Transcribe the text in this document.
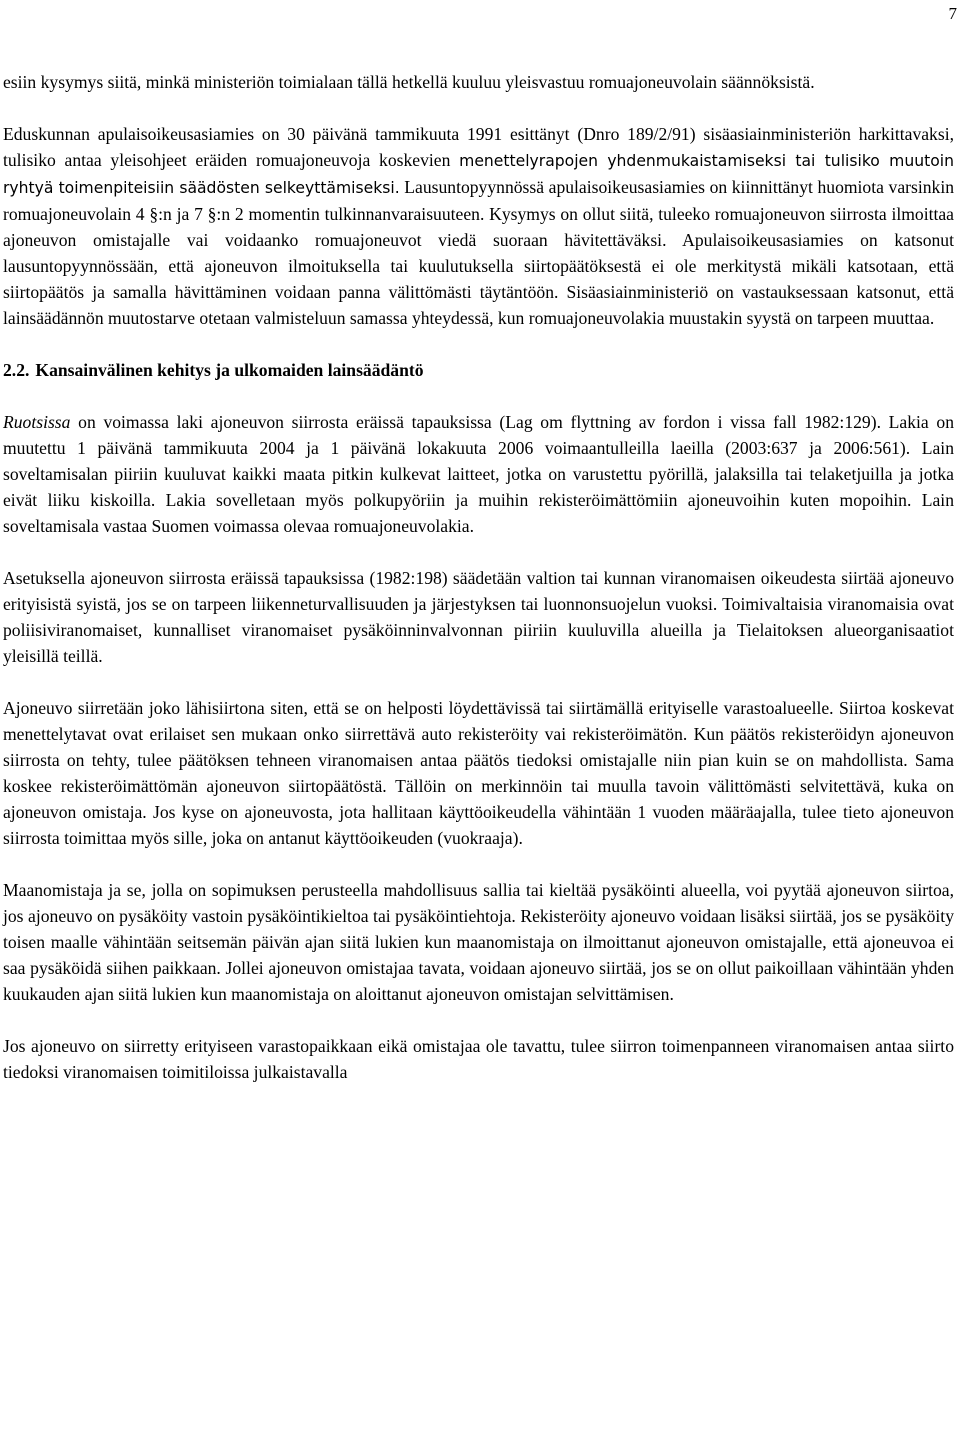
7

esiin kysymys siitä, minkä ministeriön toimialaan tällä hetkellä kuuluu yleisvastuu romuajoneuvolain säännöksistä.

Eduskunnan apulaisoikeusasiamies on 30 päivänä tammikuuta 1991 esittänyt (Dnro 189/2/91) sisäasiainministeriön harkittavaksi, tulisiko antaa yleisohjeet eräiden romuajoneuvoja koskevien menettelyrapojen yhdenmukaistamiseksi tai tulisiko muutoin ryhtyä toimenpiteisiin säädösten selkeyttämiseksi. Lausuntopyynnössä apulaisoikeusasiamies on kiinnittänyt huomiota varsinkin romuajoneuvolain 4 §:n ja 7 §:n 2 momentin tulkinnanvaraisuuteen. Kysymys on ollut siitä, tuleeko romuajoneuvon siirrosta ilmoittaa ajoneuvon omistajalle vai voidaanko romuajoneuvot viedä suoraan hävitettäväksi. Apulaisoikeusasiamies on katsonut lausuntopyynnössään, että ajoneuvon ilmoituksella tai kuulutuksella siirtopäätöksestä ei ole merkitystä mikäli katsotaan, että siirtopäätös ja samalla hävittäminen voidaan panna välittömästi täytäntöön. Sisäasiainministeriö on vastauksessaan katsonut, että lainsäädännön muutostarve otetaan valmisteluun samassa yhteydessä, kun romuajoneuvolakia muustakin syystä on tarpeen muuttaa.

2.2. Kansainvälinen kehitys ja ulkomaiden lainsäädäntö

Ruotsissa on voimassa laki ajoneuvon siirrosta eräissä tapauksissa (Lag om flyttning av fordon i vissa fall 1982:129). Lakia on muutettu 1 päivänä tammikuuta 2004 ja 1 päivänä lokakuuta 2006 voimaantulleilla laeilla (2003:637 ja 2006:561). Lain soveltamisalan piiriin kuuluvat kaikki maata pitkin kulkevat laitteet, jotka on varustettu pyörillä, jalaksilla tai telaketjuilla ja jotka eivät liiku kiskoilla. Lakia sovelletaan myös polkupyöriin ja muihin rekisteröimättömiin ajoneuvoihin kuten mopoihin. Lain soveltamisala vastaa Suomen voimassa olevaa romuajoneuvolakia.

Asetuksella ajoneuvon siirrosta eräissä tapauksissa (1982:198) säädetään valtion tai kunnan viranomaisen oikeudesta siirtää ajoneuvo erityisistä syistä, jos se on tarpeen liikenneturvallisuuden ja järjestyksen tai luonnonsuojelun vuoksi. Toimivaltaisia viranomaisia ovat poliisiviranomaiset, kunnalliset viranomaiset pysäköinninvalvonnan piiriin kuuluvilla alueilla ja Tielaitoksen alueorganisaatiot yleisillä teillä.

Ajoneuvo siirretään joko lähisiirtona siten, että se on helposti löydettävissä tai siirtämällä erityiselle varastoalueelle. Siirtoa koskevat menettelytavat ovat erilaiset sen mukaan onko siirrettävä auto rekisteröity vai rekisteröimätön. Kun päätös rekisteröidyn ajoneuvon siirrosta on tehty, tulee päätöksen tehneen viranomaisen antaa päätös tiedoksi omistajalle niin pian kuin se on mahdollista. Sama koskee rekisteröimättömän ajoneuvon siirtopäätöstä. Tällöin on merkinnöin tai muulla tavoin välittömästi selvitettävä, kuka on ajoneuvon omistaja. Jos kyse on ajoneuvosta, jota hallitaan käyttöoikeudella vähintään 1 vuoden määräajalla, tulee tieto ajoneuvon siirrosta toimittaa myös sille, joka on antanut käyttöoikeuden (vuokraaja).

Maanomistaja ja se, jolla on sopimuksen perusteella mahdollisuus sallia tai kieltää pysäköinti alueella, voi pyytää ajoneuvon siirtoa, jos ajoneuvo on pysäköity vastoin pysäköintikieltoa tai pysäköintiehtoja. Rekisteröity ajoneuvo voidaan lisäksi siirtää, jos se pysäköity toisen maalle vähintään seitsemän päivän ajan siitä lukien kun maanomistaja on ilmoittanut ajoneuvon omistajalle, että ajoneuvoa ei saa pysäköidä siihen paikkaan. Jollei ajoneuvon omistajaa tavata, voidaan ajoneuvo siirtää, jos se on ollut paikoillaan vähintään yhden kuukauden ajan siitä lukien kun maanomistaja on aloittanut ajoneuvon omistajan selvittämisen.

Jos ajoneuvo on siirretty erityiseen varastopaikkaan eikä omistajaa ole tavattu, tulee siirron toimenpanneen viranomaisen antaa siirto tiedoksi viranomaisen toimitiloissa julkaistavalla
